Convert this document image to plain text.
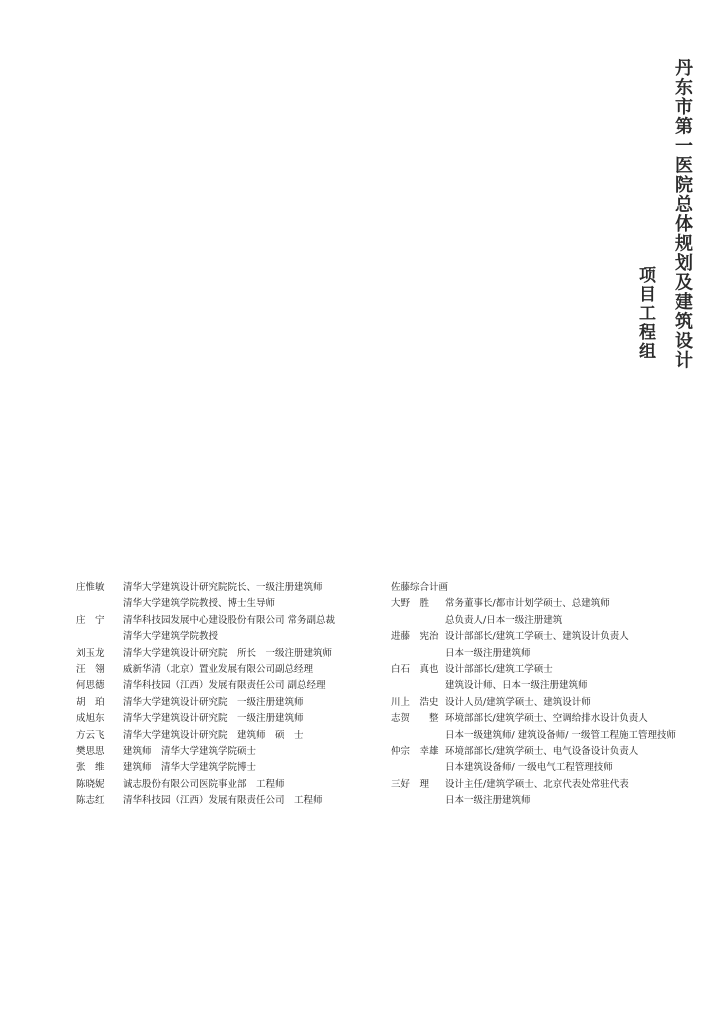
丹东市第一医院总体规划及建筑设计
项目工程组
庄惟敏	清华大学建筑设计研究院院长、一级注册建筑师
清华大学建筑学院教授、博士生导师
庄　宁	清华科技园发展中心建设股份有限公司 常务副总裁
清华大学建筑学院教授
刘玉龙	清华大学建筑设计研究院　所长　一级注册建筑师
汪　翎	威新华清（北京）置业发展有限公司副总经理
何思德	清华科技园（江西）发展有限责任公司 副总经理
胡　珀	清华大学建筑设计研究院　一级注册建筑师
成旭东	清华大学建筑设计研究院　一级注册建筑师
方云飞	清华大学建筑设计研究院　建筑师　硕　士
樊思思	建筑师　清华大学建筑学院硕士
张　维	建筑师　清华大学建筑学院博士
陈晓妮	诚志股份有限公司医院事业部　工程师
陈志红	清华科技园（江西）发展有限责任公司　工程师
佐藤综合计画
大野　胜	常务董事长/都市计划学硕士、总建筑师
总负责人/日本一级注册建筑
进藤　宪治 设计部部长/建筑工学硕士、建筑设计负责人
日本一级注册建筑师
白石　真也 设计部部长/建筑工学硕士
建筑设计师、日本一级注册建筑师
川上　浩史 设计人员/建筑学硕士、建筑设计师
志贺　　整 环境部部长/建筑学硕士、空调给排水设计负责人
日本一级建筑师/ 建筑设备师/ 一级管工程施工管理技师
仲宗　幸雄 环境部部长/建筑学硕士、电气设备设计负责人
日本建筑设备师/ 一级电气工程管理技师
三好　理	设计主任/建筑学硕士、北京代表处常驻代表
日本一级注册建筑师
